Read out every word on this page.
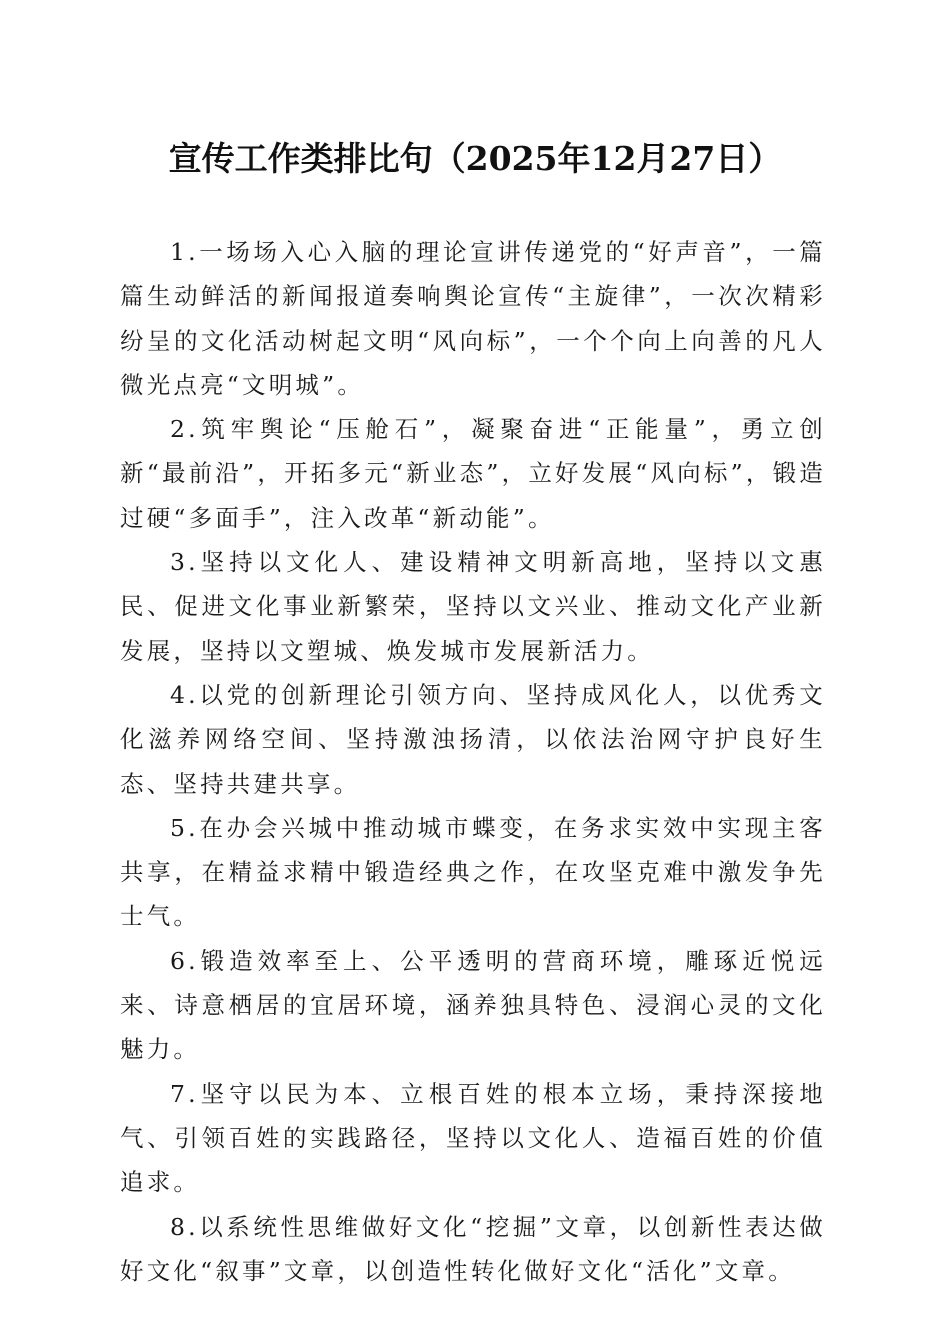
宣传工作类排比句（2025年12月27日）

1.一场场入心入脑的理论宣讲传递党的“好声音”，一篇篇生动鲜活的新闻报道奏响舆论宣传“主旋律”，一次次精彩纷呈的文化活动树起文明“风向标”，一个个向上向善的凡人微光点亮“文明城”。

2.筑牢舆论“压舱石”，凝聚奋进“正能量”，勇立创新“最前沿”，开拓多元“新业态”，立好发展“风向标”，锻造过硬“多面手”，注入改革“新动能”。

3.坚持以文化人、建设精神文明新高地，坚持以文惠民、促进文化事业新繁荣，坚持以文兴业、推动文化产业新发展，坚持以文塑城、焕发城市发展新活力。

4.以党的创新理论引领方向、坚持成风化人，以优秀文化滋养网络空间、坚持激浊扬清，以依法治网守护良好生态、坚持共建共享。

5.在办会兴城中推动城市蝶变，在务求实效中实现主客共享，在精益求精中锻造经典之作，在攻坚克难中激发争先士气。

6.锻造效率至上、公平透明的营商环境，雕琢近悦远来、诗意栖居的宜居环境，涵养独具特色、浸润心灵的文化魅力。

7.坚守以民为本、立根百姓的根本立场，秉持深接地气、引领百姓的实践路径，坚持以文化人、造福百姓的价值追求。

8.以系统性思维做好文化“挖掘”文章，以创新性表达做好文化“叙事”文章，以创造性转化做好文化“活化”文章。
